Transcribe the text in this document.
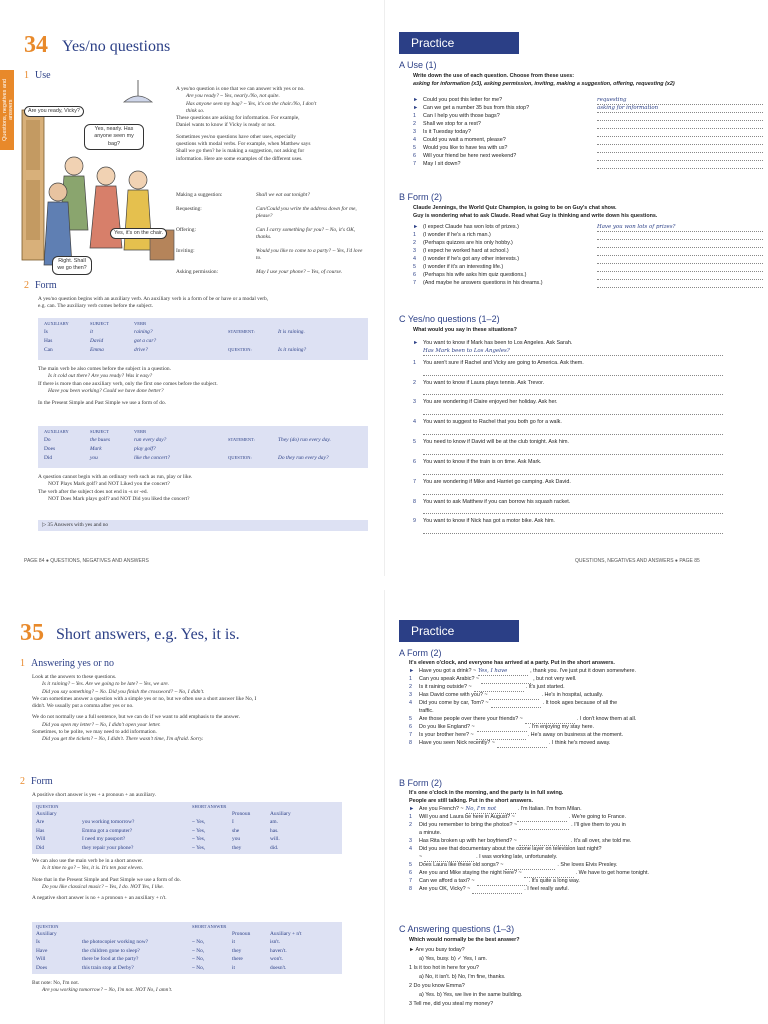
Questions, negatives and answers
34 Yes/no questions
1 Use
Are you ready, Vicky?
Yes, nearly. Has anyone seen my bag?
Yes, it's on the chair.
Right. Shall we go then?
A yes/no question is one that we can answer with yes or no.
Are you ready? ~ Yes, nearly./No, not quite.
Has anyone seen my bag? ~ Yes, it's on the chair./No, I don't
think so.
These questions are asking for information. For example,
Daniel wants to know if Vicky is ready or not.
Sometimes yes/no questions have other uses, especially
questions with modal verbs. For example, when Matthew says
Shall we go then? he is making a suggestion, not asking for
information. Here are some examples of the different uses.
Making a suggestion:	Shall we eat out tonight?
Requesting:	Can/Could you write the address down for me, please?
Offering:	Can I carry something for you? ~ No, it's OK, thanks.
Inviting:	Would you like to come to a party? ~ Yes, I'd love to.
Asking permission:	May I use your phone? ~ Yes, of course.
2 Form
A yes/no question begins with an auxiliary verb. An auxiliary verb is a form of be or have or a modal verb,
e.g. can. The auxiliary verb comes before the subject.
AUXILIARY	SUBJECT	VERB
Is	it	raining?
Has	David	got a car?
Can	Emma	drive?
STATEMENT:	It is raining.
QUESTION:	Is it raining?
The main verb be also comes before the subject in a question.
Is it cold out there? Are you ready? Was it easy?
If there is more than one auxiliary verb, only the first one comes before the subject.
Have you been working? Could we have done better?
In the Present Simple and Past Simple we use a form of do.
AUXILIARY	SUBJECT	VERB
Do	the buses	run every day?
Does	Mark	play golf?
Did	you	like the concert?
STATEMENT:	They (do) run every day.
QUESTION:	Do they run every day?
A question cannot begin with an ordinary verb such as run, play or like.
NOT Plays Mark golf? and NOT Liked you the concert?
The verb after the subject does not end in -s or -ed.
NOT Does Mark plays golf? and NOT Did you liked the concert?
▷ 35 Answers with yes and no
PAGE 84 ● QUESTIONS, NEGATIVES AND ANSWERS
Practice
A Use (1)
Write down the use of each question. Choose from these uses:
asking for information (x3), asking permission, inviting, making a suggestion, offering, requesting (x2)
► Could you post this letter for me?	requesting
► Can we get a number 35 bus from this stop?	asking for information
1	Can I help you with those bags?
2	Shall we stop for a rest?
3	Is it Tuesday today?
4	Could you wait a moment, please?
5	Would you like to have tea with us?
6	Will your friend be here next weekend?
7	May I sit down?
B Form (2)
Claude Jennings, the World Quiz Champion, is going to be on Guy's chat show.
Guy is wondering what to ask Claude. Read what Guy is thinking and write down his questions.
► (I expect Claude has won lots of prizes.)	Have you won lots of prizes?
1	(I wonder if he's a rich man.)
2	(Perhaps quizzes are his only hobby.)
3	(I expect he worked hard at school.)
4	(I wonder if he's got any other interests.)
5	(I wonder if it's an interesting life.)
6	(Perhaps his wife asks him quiz questions.)
7	(And maybe he answers questions in his dreams.)
C Yes/no questions (1–2)
What would you say in these situations?
► You want to know if Mark has been to Los Angeles. Ask Sarah.
Has Mark been to Los Angeles?
1	You aren't sure if Rachel and Vicky are going to America. Ask them.
2	You want to know if Laura plays tennis. Ask Trevor.
3	You are wondering if Claire enjoyed her holiday. Ask her.
4	You want to suggest to Rachel that you both go for a walk.
5	You need to know if David will be at the club tonight. Ask him.
6	You want to know if the train is on time. Ask Mark.
7	You are wondering if Mike and Harriet go camping. Ask David.
8	You want to ask Matthew if you can borrow his squash racket.
9	You want to know if Nick has got a motor bike. Ask him.
QUESTIONS, NEGATIVES AND ANSWERS ● PAGE 85
35 Short answers, e.g. Yes, it is.
1 Answering yes or no
Look at the answers to these questions.
Is it raining? ~ Yes. Are we going to be late? ~ Yes, we are.
Did you say something? ~ No. Did you finish the crossword? ~ No, I didn't.
We can sometimes answer a question with a simple yes or no, but we often use a short answer like No, I
didn't. We usually put a comma after yes or no.
We do not normally use a full sentence, but we can do if we want to add emphasis to the answer.
Did you open my letter? ~ No, I didn't open your letter.
Sometimes, to be polite, we may need to add information.
Did you get the tickets? ~ No, I didn't. There wasn't time, I'm afraid. Sorry.
2 Form
A positive short answer is yes + a pronoun + an auxiliary.
QUESTION	SHORT ANSWER
Auxiliary	Pronoun	Auxiliary
Are	you working tomorrow?	~ Yes,	I	am.
Has	Emma got a computer?	~ Yes,	she	has.
Will	I need my passport?	~ Yes,	you	will.
Did	they repair your phone?	~ Yes,	they	did.
We can also use the main verb be in a short answer.
Is it time to go? ~ Yes, it is. It's ten past eleven.
Note that in the Present Simple and Past Simple we use a form of do.
Do you like classical music? ~ Yes, I do. NOT Yes, I like.
A negative short answer is no + a pronoun + an auxiliary + n't.
QUESTION	SHORT ANSWER
Auxiliary	Pronoun	Auxiliary + n't
Is	the photocopier working now?	~ No,	it	isn't.
Have	the children gone to sleep?	~ No,	they	haven't.
Will	there be food at the party?	~ No,	there	won't.
Does	this train stop at Derby?	~ No,	it	doesn't.
But note: No, I'm not.
Are you working tomorrow? ~ No, I'm not. NOT No, I amn't.
Practice
A Form (2)
It's eleven o'clock, and everyone has arrived at a party. Put in the short answers.
► Have you got a drink? ~ Yes, I have	, thank you. I've just put it down somewhere.
1	Can you speak Arabic? ~	, but not very well.
2	Is it raining outside? ~	. It's just started.
3	Has David come with you? ~	. He's in hospital, actually.
4	Did you come by car, Tom? ~	. It took ages because of all the
traffic.
5	Are those people over there your friends? ~	. I don't know them at all.
6	Do you like England? ~	. I'm enjoying my stay here.
7	Is your brother here? ~	. He's away on business at the moment.
8	Have you seen Nick recently? ~	. I think he's moved away.
B Form (2)
It's one o'clock in the morning, and the party is in full swing.
People are still talking. Put in the short answers.
► Are you French? ~ No, I'm not	. I'm Italian. I'm from Milan.
1	Will you and Laura be here in August? ~	. We're going to France.
2	Did you remember to bring the photos? ~	. I'll give them to you in
a minute.
3	Has Rita broken up with her boyfriend? ~	. It's all over, she told me.
4	Did you see that documentary about the ozone layer on television last night?
~	. I was working late, unfortunately.
5	Does Laura like these old songs? ~	. She loves Elvis Presley.
6	Are you and Mike staying the night here? ~	. We have to get home tonight.
7	Can we afford a taxi? ~	. It's quite a long way.
8	Are you OK, Vicky? ~	. I feel really awful.
C Answering questions (1–3)
Which would normally be the best answer?
► Are you busy today?
a) Yes, busy. b) ✓ Yes, I am.
1 Is it too hot in here for you?
a) No, it isn't. b) No, I'm fine, thanks.
2 Do you know Emma?
a) Yes. b) Yes, we live in the same building.
3 Tell me, did you steal my money?
